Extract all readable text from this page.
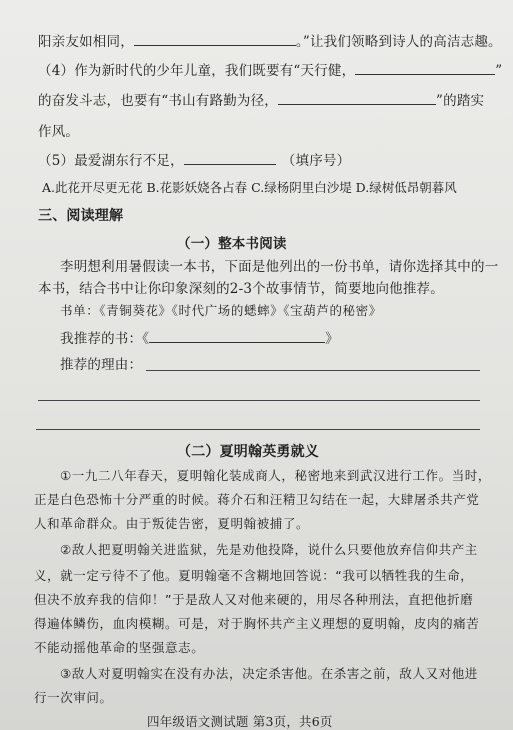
阳亲友如相同，	。”让我们领略到诗人的高洁志趣。
（4）作为新时代的少年儿童，我们既要有“天行健，	”
的奋发斗志，也要有“书山有路勤为径，	”的踏实
作风。
（5）最爱湖东行不足，	（填序号）
A.此花开尽更无花 B.花影妖娆各占春 C.绿杨阴里白沙堤 D.绿树低昂朝暮风
三、阅读理解
（一）整本书阅读
李明想利用暑假读一本书，下面是他列出的一份书单，请你选择其中的一
本书，结合书中让你印象深刻的2-3个故事情节，简要地向他推荐。
书单：《青铜葵花》《时代广场的蟋蟀》《宝葫芦的秘密》
我推荐的书：《	》
推荐的理由：
（二）夏明翰英勇就义
①一九二八年春天，夏明翰化装成商人，秘密地来到武汉进行工作。当时，
正是白色恐怖十分严重的时候。蒋介石和汪精卫勾结在一起，大肆屠杀共产党
人和革命群众。由于叛徒告密，夏明翰被捕了。
②敌人把夏明翰关进监狱，先是劝他投降，说什么只要他放弃信仰共产主
义，就一定亏待不了他。夏明翰毫不含糊地回答说：“我可以牺牲我的生命，
但决不放弃我的信仰！”于是敌人又对他来硬的，用尽各种刑法，直把他折磨
得遍体鳞伤，血肉模糊。可是，对于胸怀共产主义理想的夏明翰，皮肉的痛苦
不能动摇他革命的坚强意志。
③敌人对夏明翰实在没有办法，决定杀害他。在杀害之前，敌人又对他进
行一次审问。
四年级语文测试题 第3页，共6页
